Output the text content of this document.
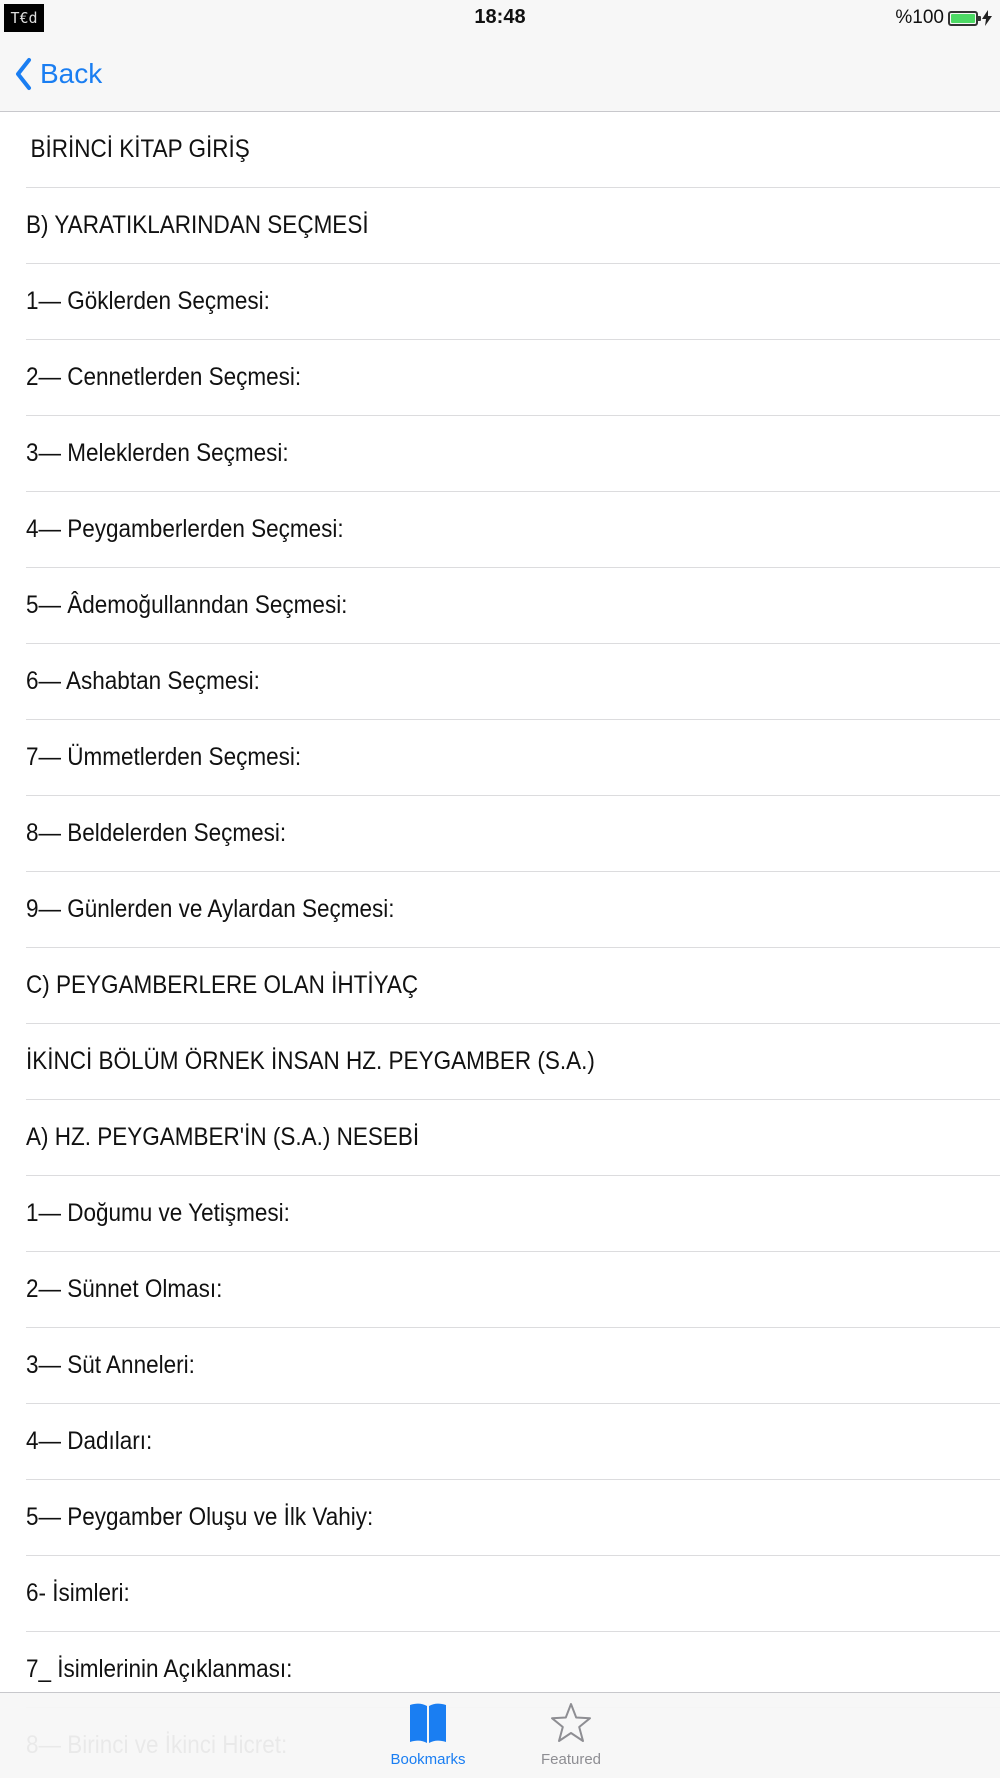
T€d	18:48	%100
Back
BİRİNCİ KİTAP GİRİŞ
B) YARATIKLARINDAN SEÇMESİ
1— Göklerden Seçmesi:
2— Cennetlerden Seçmesi:
3— Meleklerden Seçmesi:
4— Peygamberlerden Seçmesi:
5— Âdemoğullanndan Seçmesi:
6— Ashabtan Seçmesi:
7— Ümmetlerden Seçmesi:
8— Beldelerden Seçmesi:
9— Günlerden ve Aylardan Seçmesi:
C) PEYGAMBERLERE OLAN İHTİYAÇ
İKİNCİ BÖLÜM ÖRNEK İNSAN HZ. PEYGAMBER (S.A.)
A) HZ. PEYGAMBER'İN (S.A.) NESEBİ
1— Doğumu ve Yetişmesi:
2— Sünnet Olması:
3— Süt Anneleri:
4— Dadıları:
5— Peygamber Oluşu ve İlk Vahiy:
6- İsimleri:
7_ İsimlerinin Açıklanması:
Bookmarks	Featured
